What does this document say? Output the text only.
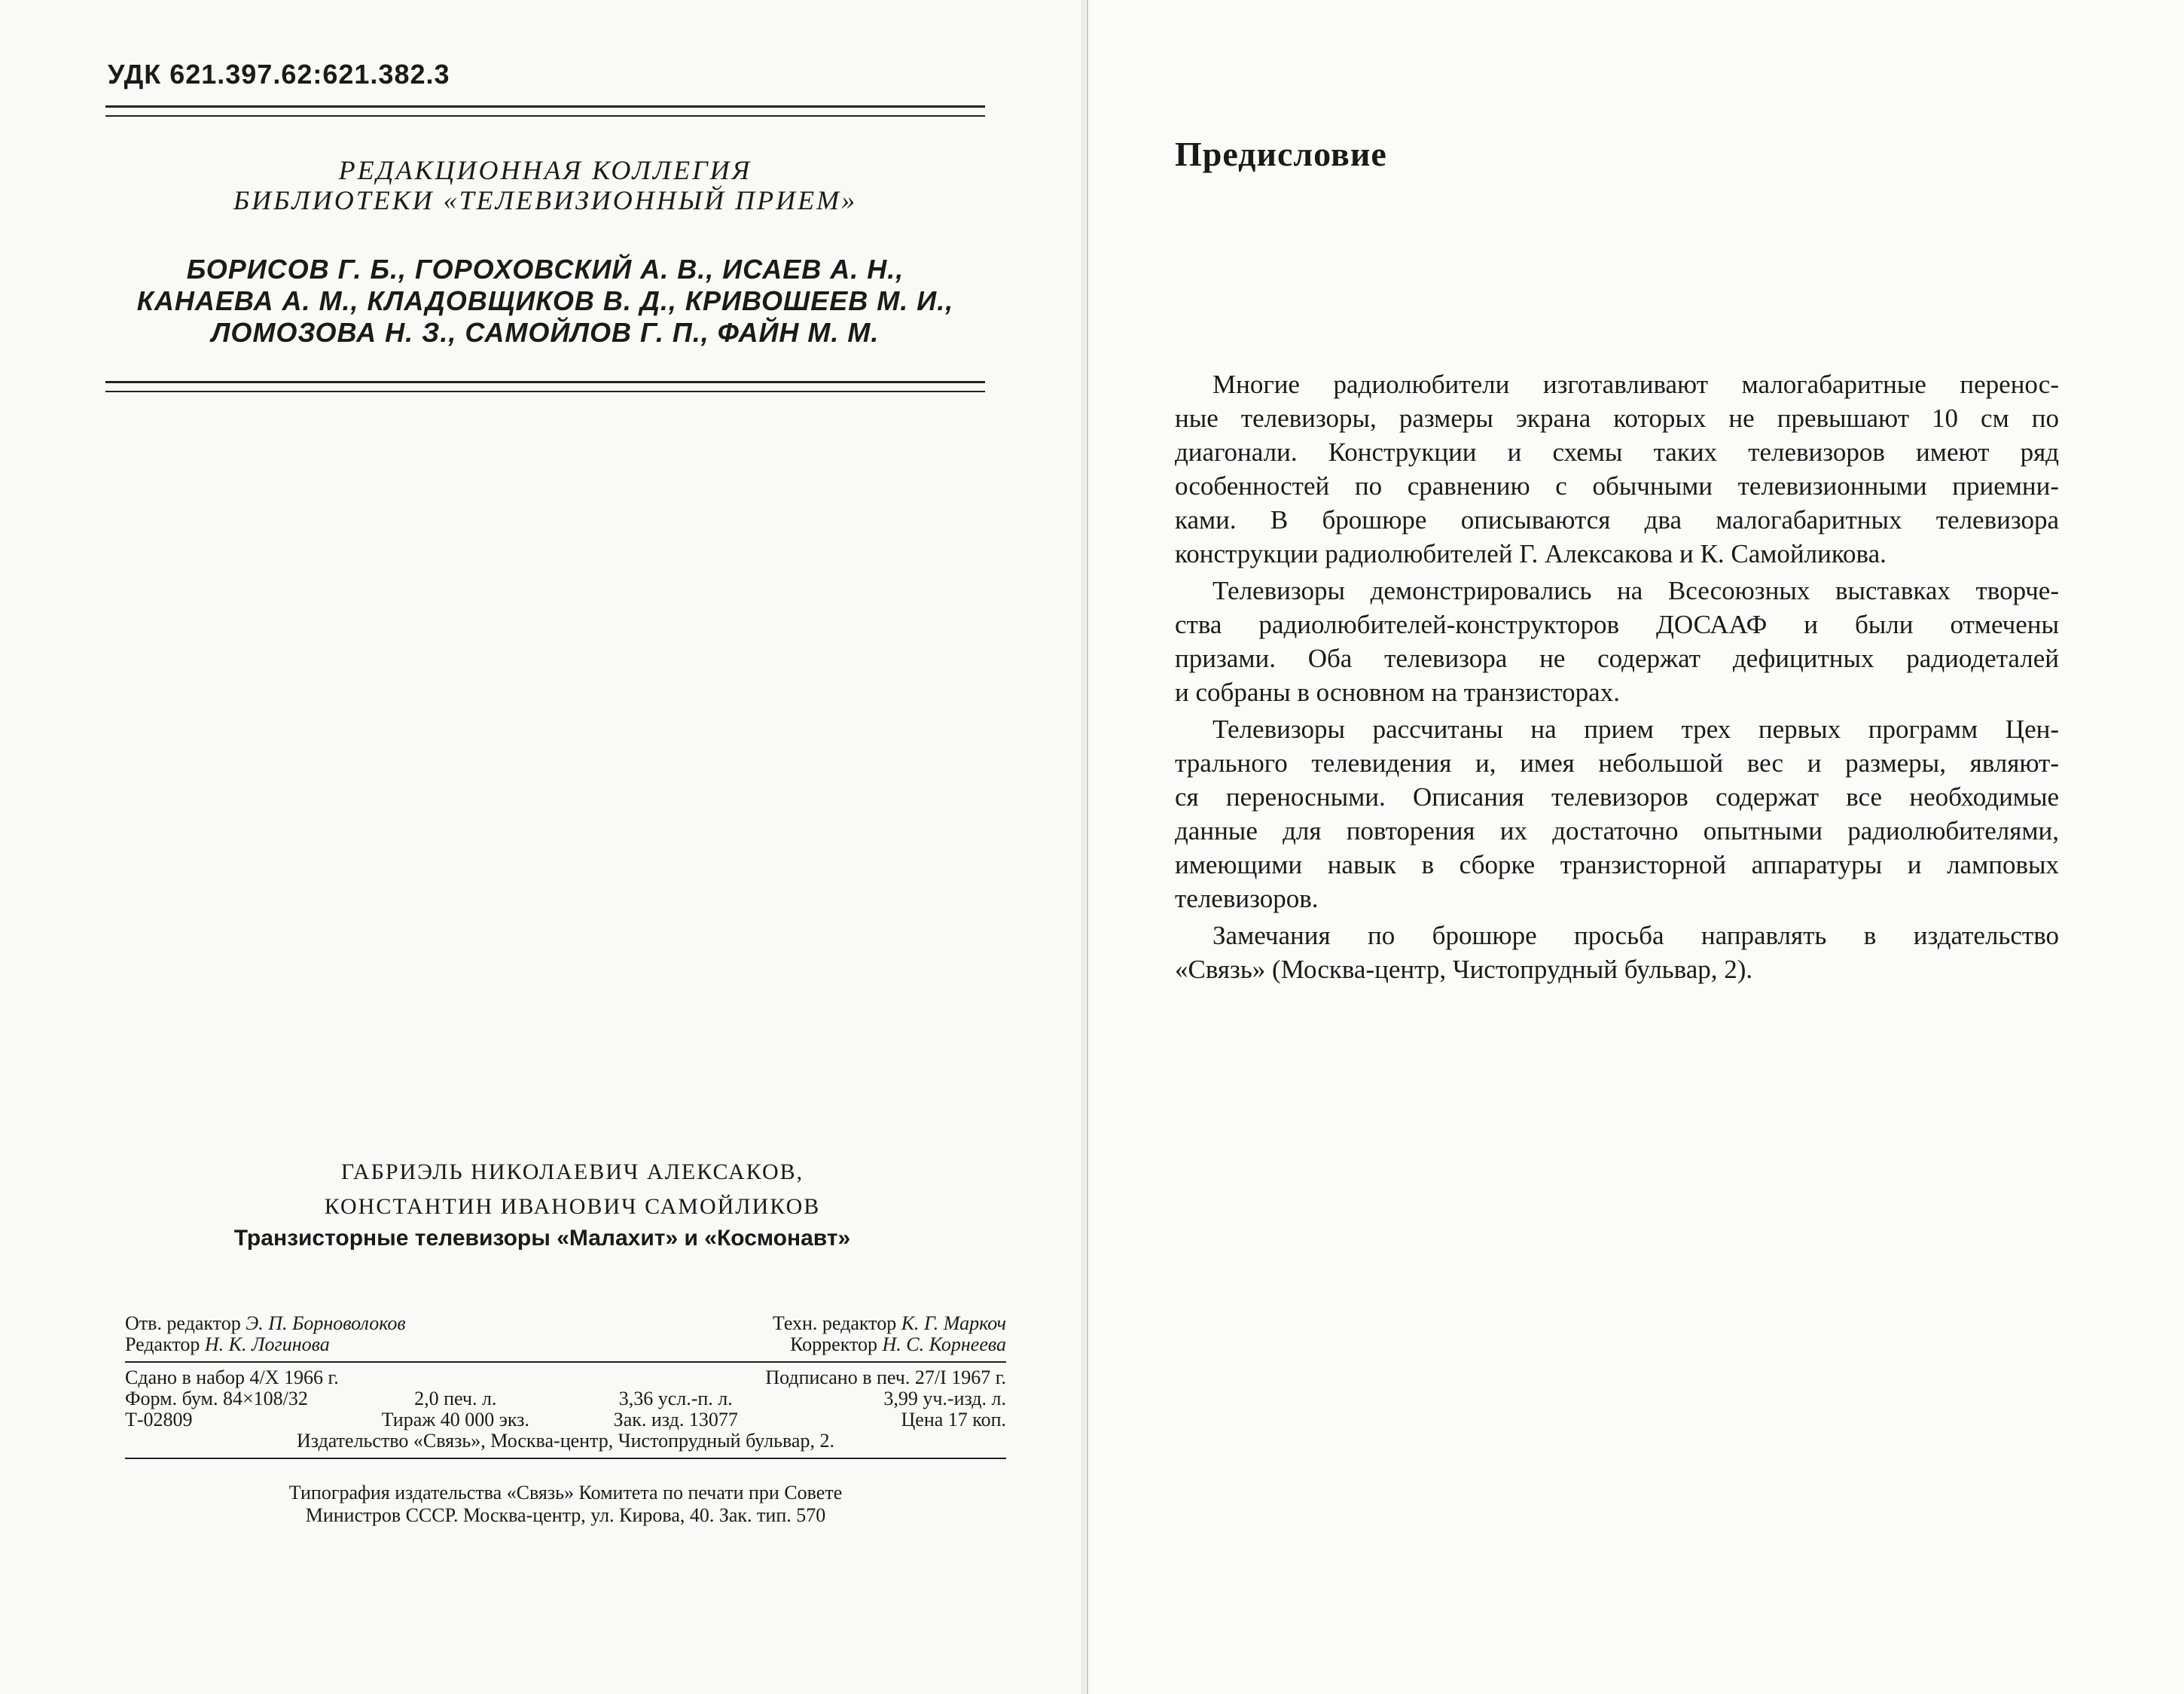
УДК 621.397.62:621.382.3
РЕДАКЦИОННАЯ КОЛЛЕГИЯ
БИБЛИОТЕКИ «ТЕЛЕВИЗИОННЫЙ ПРИЕМ»
БОРИСОВ Г. Б., ГОРОХОВСКИЙ А. В., ИСАЕВ А. Н.,
КАНАЕВА А. М., КЛАДОВЩИКОВ В. Д., КРИВОШЕЕВ М. И.,
ЛОМОЗОВА Н. З., САМОЙЛОВ Г. П., ФАЙН М. М.
ГАБРИЭЛЬ НИКОЛАЕВИЧ АЛЕКСАКОВ,
КОНСТАНТИН ИВАНОВИЧ САМОЙЛИКОВ
Транзисторные телевизоры «Малахит» и «Космонавт»
Отв. редактор Э. П. Борноволоков	Техн. редактор К. Г. Маркоч
Редактор Н. К. Логинова	Корректор Н. С. Корнеева
Сдано в набор 4/X 1966 г.	Подписано в печ. 27/I 1967 г.
Форм. бум. 84×108/32	2,0 печ. л.	3,36 усл.-п. л.	3,99 уч.-изд. л.
Т-02809	Тираж 40 000 экз.	Зак. изд. 13077	Цена 17 коп.
Издательство «Связь», Москва-центр, Чистопрудный бульвар, 2.
Типография издательства «Связь» Комитета по печати при Совете
Министров СССР. Москва-центр, ул. Кирова, 40. Зак. тип. 570
Предисловие
Многие радиолюбители изготавливают малогабаритные перенос-
ные телевизоры, размеры экрана которых не превышают 10 см по
диагонали. Конструкции и схемы таких телевизоров имеют ряд
особенностей по сравнению с обычными телевизионными приемни-
ками. В брошюре описываются два малогабаритных телевизора
конструкции радиолюбителей Г. Алексакова и К. Самойликова.
Телевизоры демонстрировались на Всесоюзных выставках творче-
ства радиолюбителей-конструкторов ДОСААФ и были отмечены
призами. Оба телевизора не содержат дефицитных радиодеталей
и собраны в основном на транзисторах.
Телевизоры рассчитаны на прием трех первых программ Цен-
трального телевидения и, имея небольшой вес и размеры, являют-
ся переносными. Описания телевизоров содержат все необходимые
данные для повторения их достаточно опытными радиолюбителями,
имеющими навык в сборке транзисторной аппаратуры и ламповых
телевизоров.
Замечания по брошюре просьба направлять в издательство
«Связь» (Москва-центр, Чистопрудный бульвар, 2).
